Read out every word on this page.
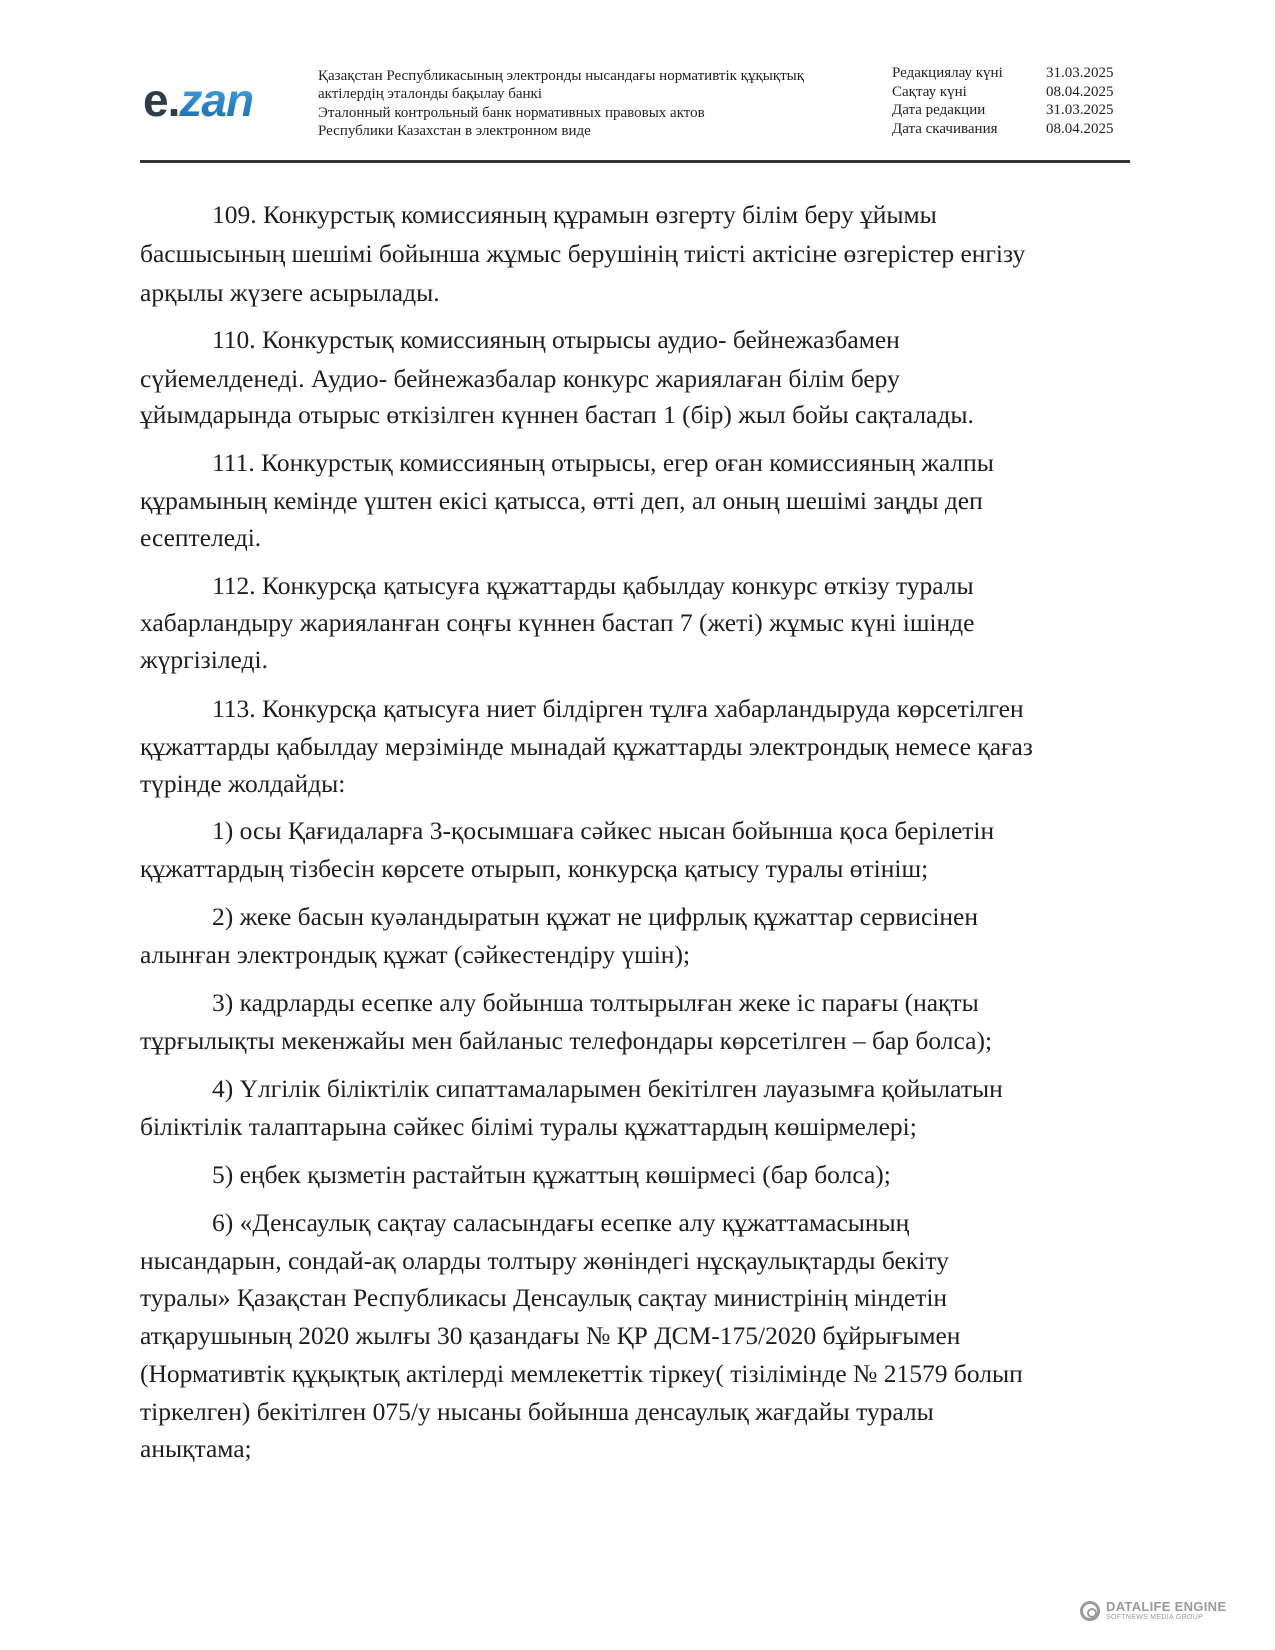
e.zan	Қазақстан Республикасының электронды нысандағы нормативтік құқықтық
актілердің эталонды бақылау банкі
Эталонный контрольный банк нормативных правовых актов
Республики Казахстан в электронном виде
Редакциялау күні	31.03.2025
Сақтау күні	08.04.2025
Дата редакции	31.03.2025
Дата скачивания	08.04.2025
109. Конкурстық комиссияның құрамын өзгерту білім беру ұйымы
басшысының шешімі бойынша жұмыс берушінің тиісті актісіне өзгерістер енгізу
арқылы жүзеге асырылады.
110. Конкурстық комиссияның отырысы аудио- бейнежазбамен
сүйемелденеді. Аудио- бейнежазбалар конкурс жариялаған білім беру
ұйымдарында отырыс өткізілген күннен бастап 1 (бір) жыл бойы сақталады.
111. Конкурстық комиссияның отырысы, егер оған комиссияның жалпы
құрамының кемінде үштен екісі қатысса, өтті деп, ал оның шешімі заңды деп
есептеледі.
112. Конкурсқа қатысуға құжаттарды қабылдау конкурс өткізу туралы
хабарландыру жарияланған соңғы күннен бастап 7 (жеті) жұмыс күні ішінде
жүргізіледі.
113. Конкурсқа қатысуға ниет білдірген тұлға хабарландыруда көрсетілген
құжаттарды қабылдау мерзімінде мынадай құжаттарды электрондық немесе қағаз
түрінде жолдайды:
1) осы Қағидаларға 3-қосымшаға сәйкес нысан бойынша қоса берілетін
құжаттардың тізбесін көрсете отырып, конкурсқа қатысу туралы өтініш;
2) жеке басын куәландыратын құжат не цифрлық құжаттар сервисінен
алынған электрондық құжат (сәйкестендіру үшін);
3) кадрларды есепке алу бойынша толтырылған жеке іс парағы (нақты
тұрғылықты мекенжайы мен байланыс телефондары көрсетілген – бар болса);
4) Үлгілік біліктілік сипаттамаларымен бекітілген лауазымға қойылатын
біліктілік талаптарына сәйкес білімі туралы құжаттардың көшірмелері;
5) еңбек қызметін растайтын құжаттың көшірмесі (бар болса);
6) «Денсаулық сақтау саласындағы есепке алу құжаттамасының
нысандарын, сондай-ақ оларды толтыру жөніндегі нұсқаулықтарды бекіту
туралы» Қазақстан Республикасы Денсаулық сақтау министрінің міндетін
атқарушының 2020 жылғы 30 қазандағы № ҚР ДСМ-175/2020 бұйрығымен
(Нормативтік құқықтық актілерді мемлекеттік тіркеу( тізілімінде № 21579 болып
тіркелген) бекітілген 075/у нысаны бойынша денсаулық жағдайы туралы
анықтама;
DATALIFE ENGINE
SOFTNEWS MEDIA GROUP
